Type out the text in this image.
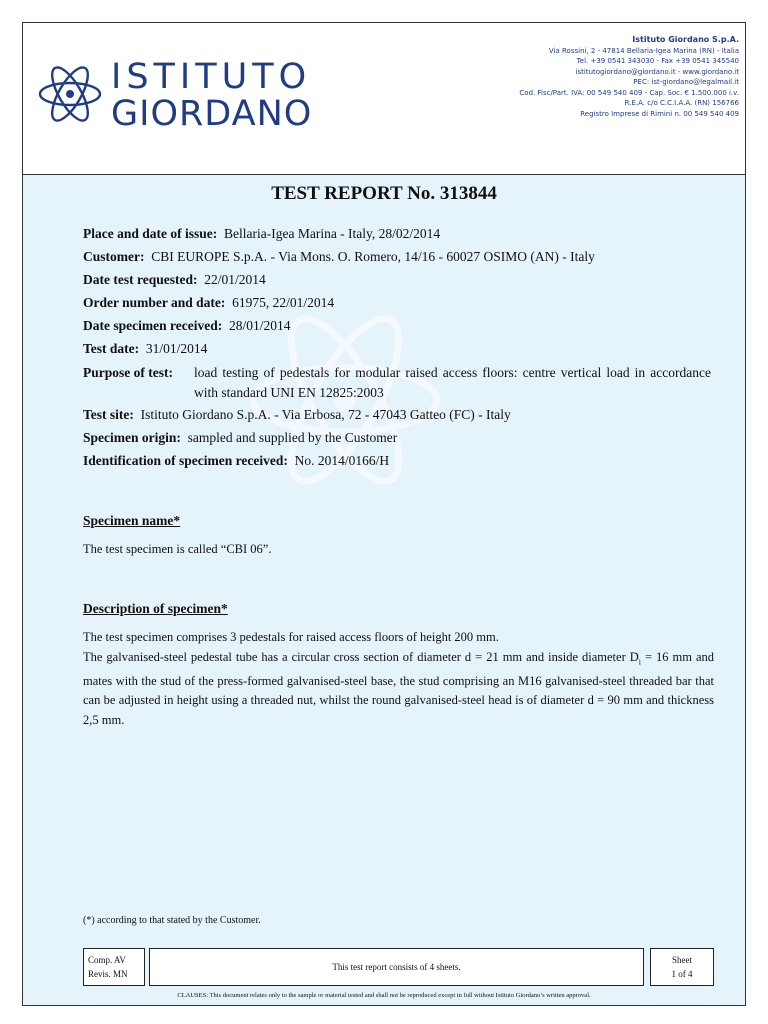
ISTITUTO
GIORDANO
Istituto Giordano S.p.A.
Via Rossini, 2 - 47814 Bellaria-Igea Marina (RN) - Italia
Tel. +39 0541 343030 - Fax +39 0541 345540
istitutogiordano@giordano.it - www.giordano.it
PEC: ist-giordano@legalmail.it
Cod. Fisc/Part. IVA: 00 549 540 409 - Cap. Soc. € 1.500.000 i.v.
R.E.A. c/o C.C.I.A.A. (RN) 156766
Registro Imprese di Rimini n. 00 549 540 409
TEST REPORT No. 313844
Place and date of issue: Bellaria-Igea Marina - Italy, 28/02/2014
Customer: CBI EUROPE S.p.A. - Via Mons. O. Romero, 14/16 - 60027 OSIMO (AN) - Italy
Date test requested: 22/01/2014
Order number and date: 61975, 22/01/2014
Date specimen received: 28/01/2014
Test date: 31/01/2014
Purpose of test: load testing of pedestals for modular raised access floors: centre vertical load in accordance with standard UNI EN 12825:2003
Test site: Istituto Giordano S.p.A. - Via Erbosa, 72 - 47043 Gatteo (FC) - Italy
Specimen origin: sampled and supplied by the Customer
Identification of specimen received: No. 2014/0166/H
Specimen name*
The test specimen is called “CBI 06”.
Description of specimen*
The test specimen comprises 3 pedestals for raised access floors of height 200 mm.
The galvanised-steel pedestal tube has a circular cross section of diameter d = 21 mm and inside diameter $D_i = 16$ mm and mates with the stud of the press-formed galvanised-steel base, the stud comprising an M16 galvanised-steel threaded bar that can be adjusted in height using a threaded nut, whilst the round galvanised-steel head is of diameter d = 90 mm and thickness 2,5 mm.
(*) according to that stated by the Customer.
Comp. AV
Revis. MN
This test report consists of 4 sheets.
Sheet
1 of 4
CLAUSES: This document relates only to the sample or material tested and shall not be reproduced except in full without Istituto Giordano’s written approval.
